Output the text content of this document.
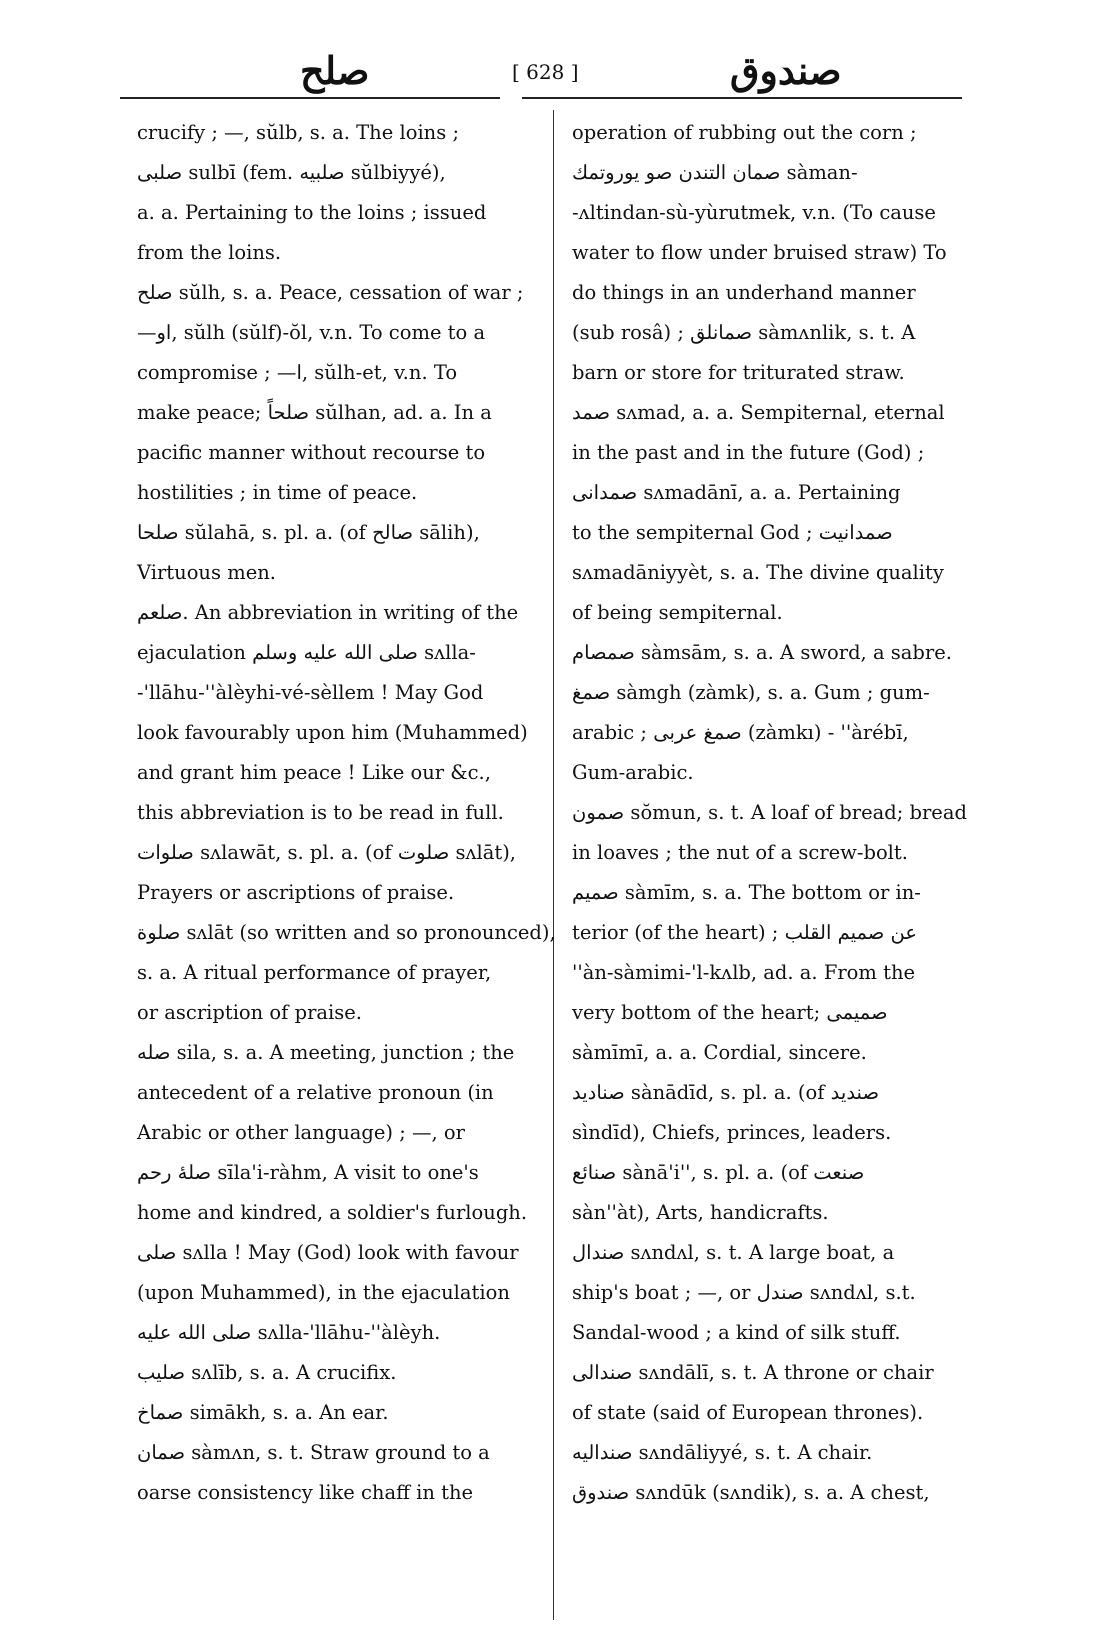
صلح	[ 628 ]	صندوق
crucify ; —, sŭlb, s. a. The loins ;
صلبی sulbī (fem. صلبیه sŭlbiyyé),
a. a. Pertaining to the loins ; issued
from the loins.
صلح sŭlh, s. a. Peace, cessation of war ;
—او, sŭlh (sŭlf)-ŏl, v.n. To come to a
compromise ; —ا, sŭlh-et, v.n. To
make peace; صلحاً sŭlhan, ad. a. In a
pacific manner without recourse to
hostilities ; in time of peace.
صلحا sŭlahā, s. pl. a. (of صالح sālih),
Virtuous men.
صلعم. An abbreviation in writing of the
ejaculation صلی الله علیه وسلم sʌlla-
-'llāhu-''àlèyhi-vé-sèllem ! May God
look favourably upon him (Muhammed)
and grant him peace ! Like our &c.,
this abbreviation is to be read in full.
صلوات sʌlawāt, s. pl. a. (of صلوت sʌlāt),
Prayers or ascriptions of praise.
صلوة sʌlāt (so written and so pronounced),
s. a. A ritual performance of prayer,
or ascription of praise.
صله sila, s. a. A meeting, junction ; the
antecedent of a relative pronoun (in
Arabic or other language) ; —, or
صلهٔ رحم sīla'i-ràhm, A visit to one's
home and kindred, a soldier's furlough.
صلی sʌlla ! May (God) look with favour
(upon Muhammed), in the ejaculation
صلی الله علیه sʌlla-'llāhu-''àlèyh.
صلیب sʌlīb, s. a. A crucifix.
صماخ simākh, s. a. An ear.
صمان sàmʌn, s. t. Straw ground to a
oarse consistency like chaff in the
operation of rubbing out the corn ;
صمان التندن صو یوروتمك sàman-
-ʌltindan-sù-yùrutmek, v.n. (To cause
water to flow under bruised straw) To
do things in an underhand manner
(sub rosâ) ; صمانلق sàmʌnlik, s. t. A
barn or store for triturated straw.
صمد sʌmad, a. a. Sempiternal, eternal
in the past and in the future (God) ;
صمدانی sʌmadānī, a. a. Pertaining
to the sempiternal God ; صمدانیت
sʌmadāniyyèt, s. a. The divine quality
of being sempiternal.
صمصام sàmsām, s. a. A sword, a sabre.
صمغ sàmgh (zàmk), s. a. Gum ; gum-
arabic ; صمغ عربی (zàmkı) - ''àrébī,
Gum-arabic.
صمون sŏmun, s. t. A loaf of bread; bread
in loaves ; the nut of a screw-bolt.
صمیم sàmīm, s. a. The bottom or in-
terior (of the heart) ; عن صمیم القلب
''àn-sàmimi-'l-kʌlb, ad. a. From the
very bottom of the heart; صمیمی
sàmīmī, a. a. Cordial, sincere.
صنادید sànādīd, s. pl. a. (of صندید
sìndīd), Chiefs, princes, leaders.
صنائع sànā'i'', s. pl. a. (of صنعت
sàn''àt), Arts, handicrafts.
صندال sʌndʌl, s. t. A large boat, a
ship's boat ; —, or صندل sʌndʌl, s.t.
Sandal-wood ; a kind of silk stuff.
صندالی sʌndālī, s. t. A throne or chair
of state (said of European thrones).
صندالیه sʌndāliyyé, s. t. A chair.
صندوق sʌndūk (sʌndik), s. a. A chest,
